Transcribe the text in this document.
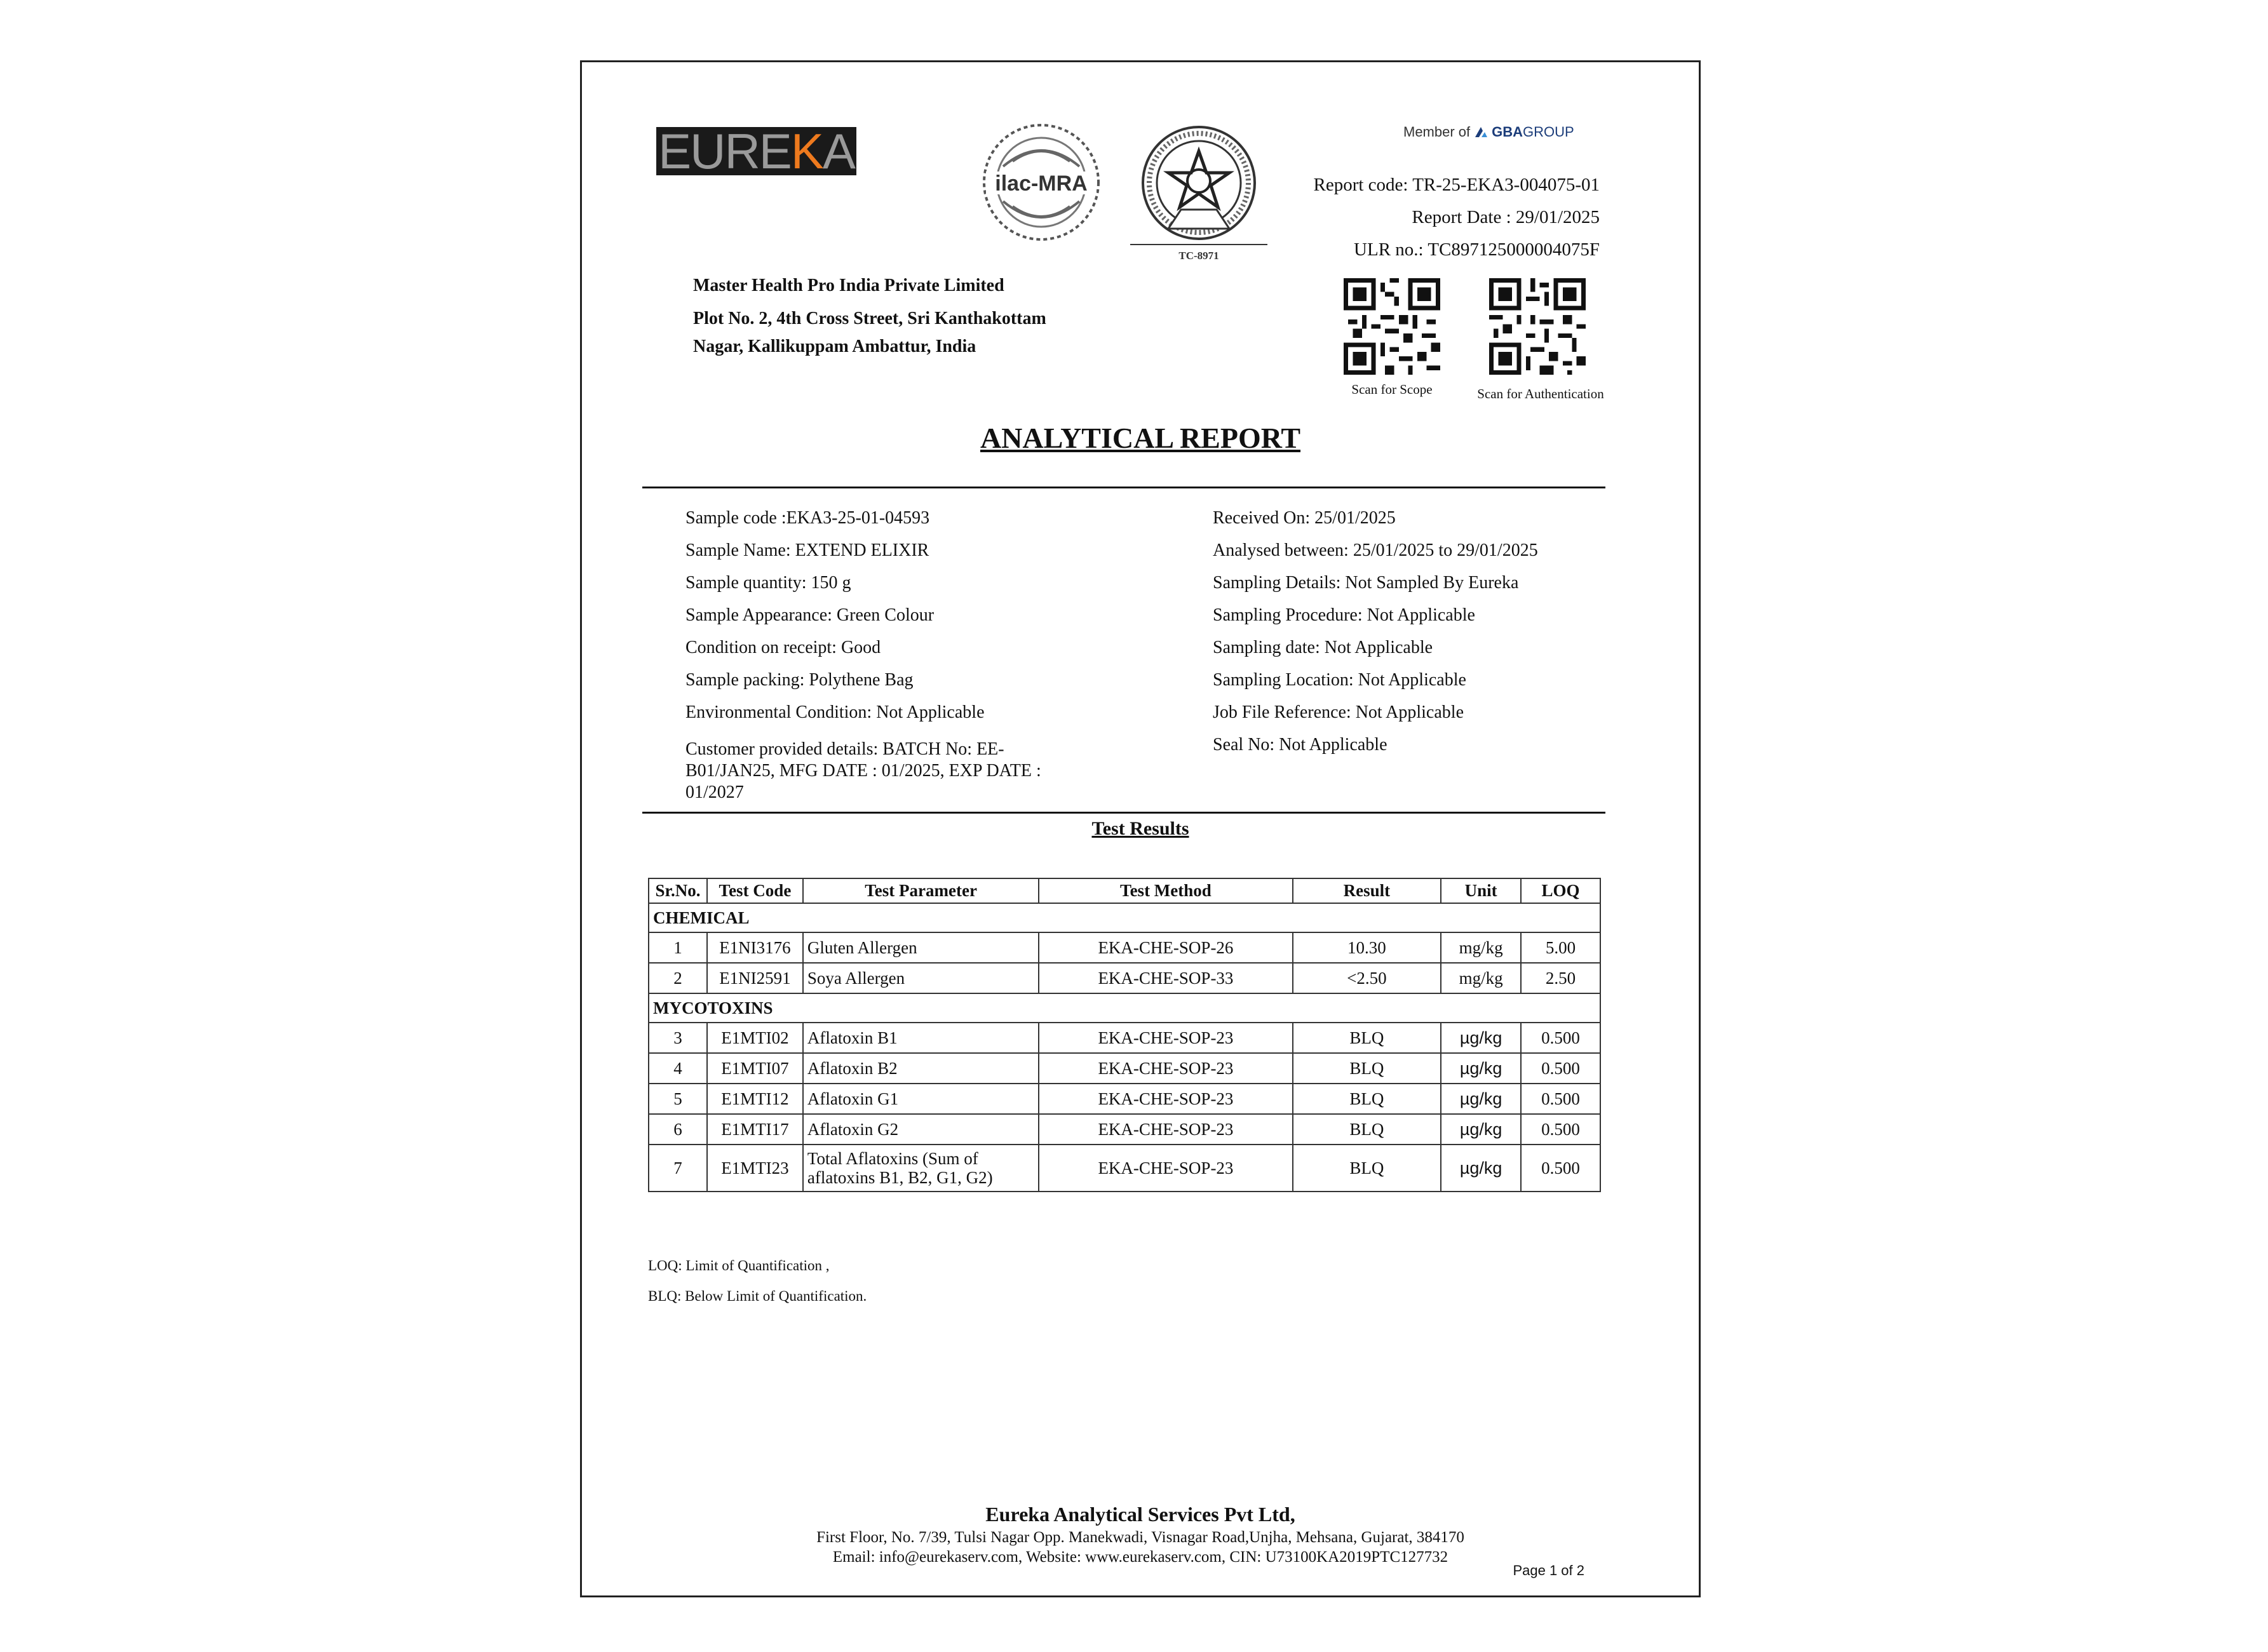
EURE K A
ilac-MRA
TC-8971
Member of GBAGROUP
Report code: TR-25-EKA3-004075-01
Report Date : 29/01/2025
ULR no.: TC897125000004075F
Master Health Pro India Private Limited
Plot No. 2, 4th Cross Street, Sri Kanthakottam
Nagar, Kallikuppam Ambattur, India
Scan for Scope	Scan for Authentication
ANALYTICAL REPORT
Sample code :EKA3-25-01-04593
Sample Name: EXTEND ELIXIR
Sample quantity: 150 g
Sample Appearance: Green Colour
Condition on receipt: Good
Sample packing: Polythene Bag
Environmental Condition: Not Applicable
Customer provided details: BATCH No: EE-
B01/JAN25, MFG DATE : 01/2025, EXP DATE :
01/2027
Received On: 25/01/2025
Analysed between: 25/01/2025 to 29/01/2025
Sampling Details: Not Sampled By Eureka
Sampling Procedure: Not Applicable
Sampling date: Not Applicable
Sampling Location: Not Applicable
Job File Reference: Not Applicable
Seal No: Not Applicable
Test Results
Sr.No.	Test Code	Test Parameter	Test Method	Result	Unit	LOQ
CHEMICAL						
1	E1NI3176	Gluten Allergen	EKA-CHE-SOP-26	10.30	mg/kg	5.00
2	E1NI2591	Soya Allergen	EKA-CHE-SOP-33	<2.50	mg/kg	2.50
MYCOTOXINS						
3	E1MTI02	Aflatoxin B1	EKA-CHE-SOP-23	BLQ	µg/kg	0.500
4	E1MTI07	Aflatoxin B2	EKA-CHE-SOP-23	BLQ	µg/kg	0.500
5	E1MTI12	Aflatoxin G1	EKA-CHE-SOP-23	BLQ	µg/kg	0.500
6	E1MTI17	Aflatoxin G2	EKA-CHE-SOP-23	BLQ	µg/kg	0.500
7	E1MTI23	Total Aflatoxins (Sum of
aflatoxins B1, B2, G1, G2)	EKA-CHE-SOP-23	BLQ	µg/kg	0.500
LOQ: Limit of Quantification ,
BLQ: Below Limit of Quantification.
Eureka Analytical Services Pvt Ltd,
First Floor, No. 7/39, Tulsi Nagar Opp. Manekwadi, Visnagar Road,Unjha, Mehsana, Gujarat, 384170
Email: info@eurekaserv.com, Website: www.eurekaserv.com, CIN: U73100KA2019PTC127732
Page 1 of 2
